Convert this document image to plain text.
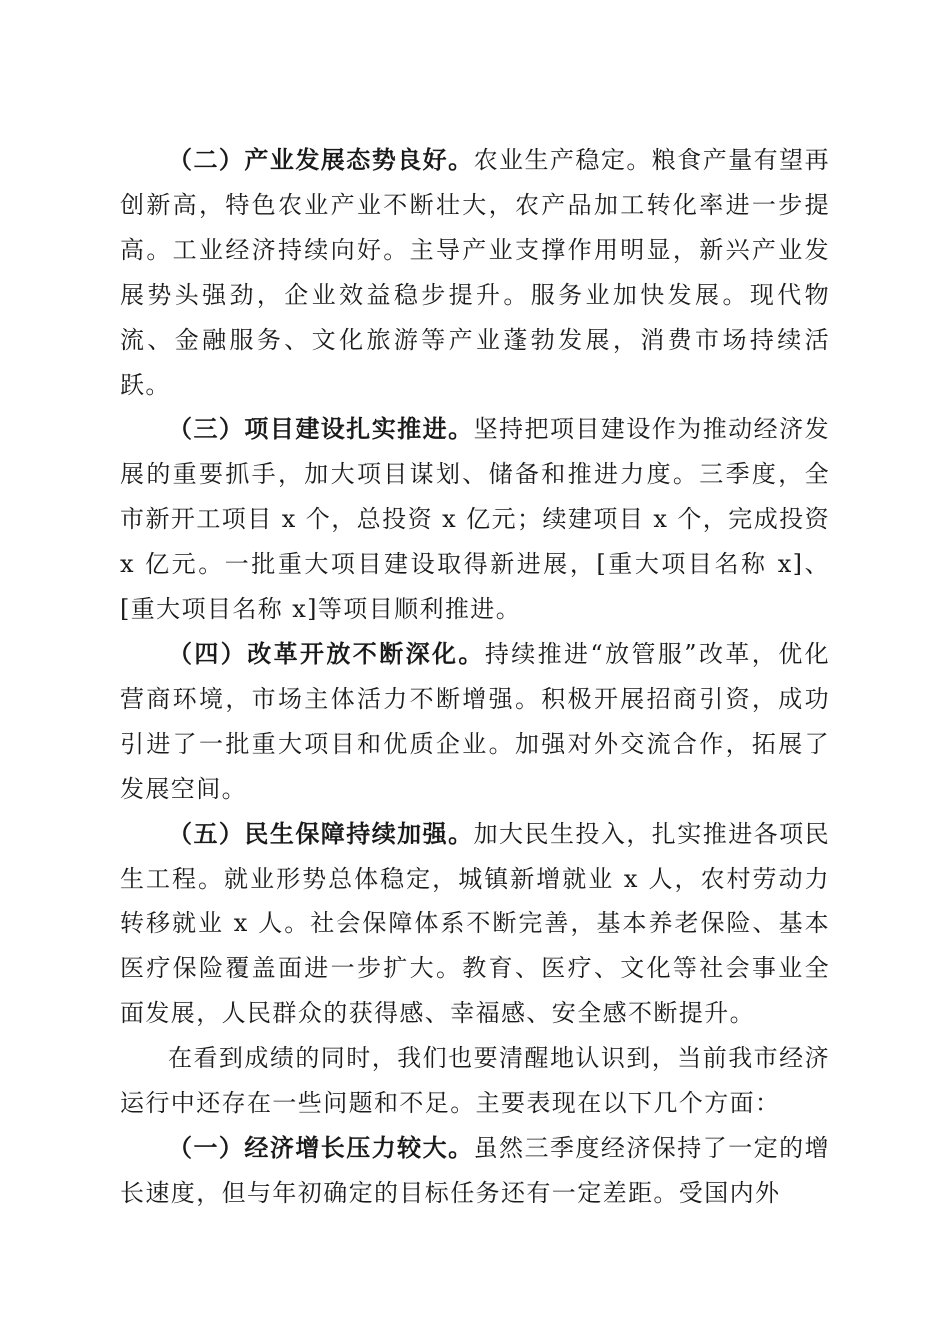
（二）产业发展态势良好。农业生产稳定。粮食产量有望再创新高，特色农业产业不断壮大，农产品加工转化率进一步提高。工业经济持续向好。主导产业支撑作用明显，新兴产业发展势头强劲，企业效益稳步提升。服务业加快发展。现代物流、金融服务、文化旅游等产业蓬勃发展，消费市场持续活跃。

（三）项目建设扎实推进。坚持把项目建设作为推动经济发展的重要抓手，加大项目谋划、储备和推进力度。三季度，全市新开工项目 x 个，总投资 x 亿元；续建项目 x 个，完成投资 x 亿元。一批重大项目建设取得新进展，[重大项目名称 x]、[重大项目名称 x]等项目顺利推进。

（四）改革开放不断深化。持续推进“放管服”改革，优化营商环境，市场主体活力不断增强。积极开展招商引资，成功引进了一批重大项目和优质企业。加强对外交流合作，拓展了发展空间。

（五）民生保障持续加强。加大民生投入，扎实推进各项民生工程。就业形势总体稳定，城镇新增就业 x 人，农村劳动力转移就业 x 人。社会保障体系不断完善，基本养老保险、基本医疗保险覆盖面进一步扩大。教育、医疗、文化等社会事业全面发展，人民群众的获得感、幸福感、安全感不断提升。

在看到成绩的同时，我们也要清醒地认识到，当前我市经济运行中还存在一些问题和不足。主要表现在以下几个方面：

（一）经济增长压力较大。虽然三季度经济保持了一定的增长速度，但与年初确定的目标任务还有一定差距。受国内外
